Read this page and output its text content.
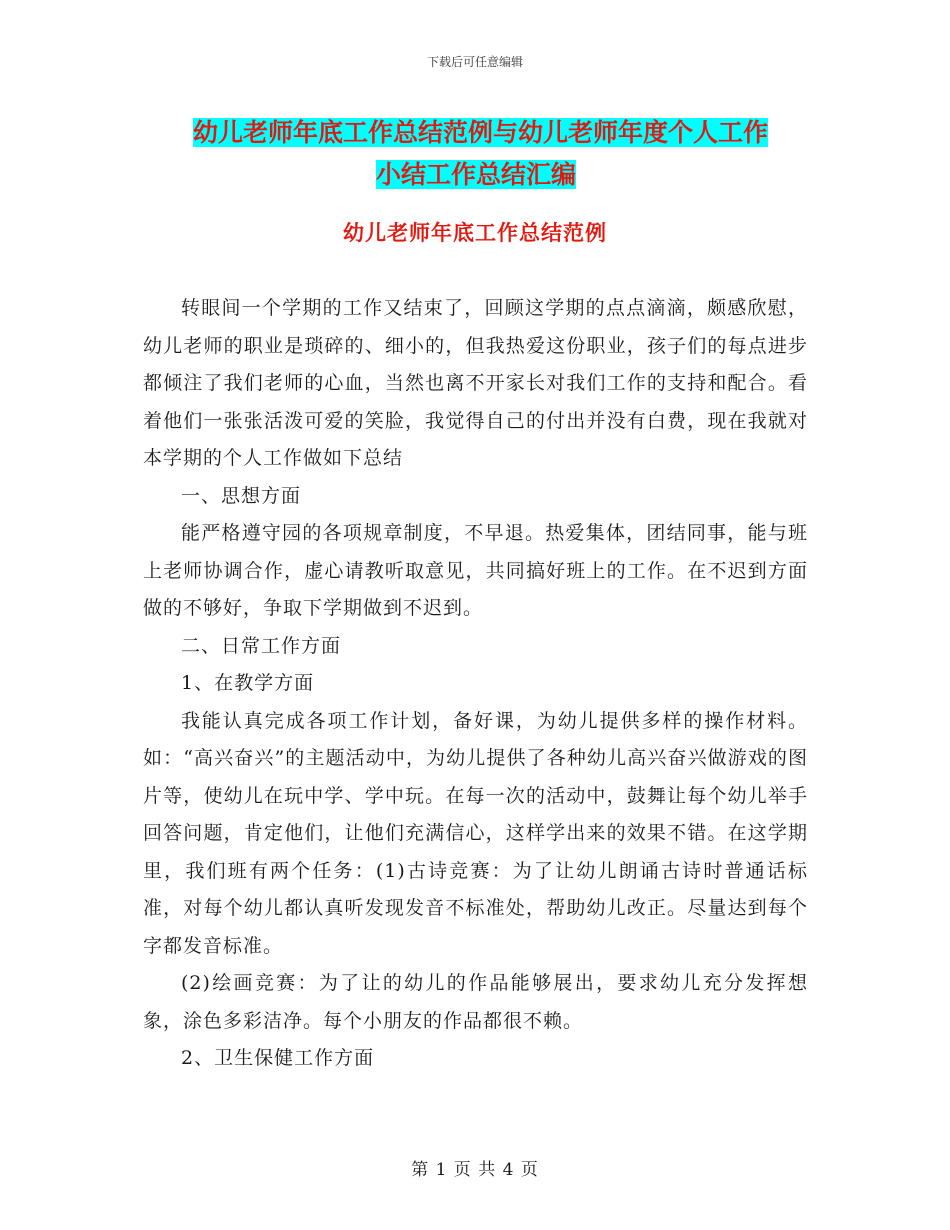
下载后可任意编辑
幼儿老师年底工作总结范例与幼儿老师年度个人工作
小结工作总结汇编
幼儿老师年底工作总结范例

转眼间一个学期的工作又结束了，回顾这学期的点点滴滴，颇感欣慰，幼儿老师的职业是琐碎的、细小的，但我热爱这份职业，孩子们的每点进步都倾注了我们老师的心血，当然也离不开家长对我们工作的支持和配合。看着他们一张张活泼可爱的笑脸，我觉得自己的付出并没有白费，现在我就对本学期的个人工作做如下总结

一、思想方面

能严格遵守园的各项规章制度，不早退。热爱集体，团结同事，能与班上老师协调合作，虚心请教听取意见，共同搞好班上的工作。在不迟到方面做的不够好，争取下学期做到不迟到。

二、日常工作方面

1、在教学方面

我能认真完成各项工作计划，备好课，为幼儿提供多样的操作材料。如：“高兴奋兴”的主题活动中，为幼儿提供了各种幼儿高兴奋兴做游戏的图片等，使幼儿在玩中学、学中玩。在每一次的活动中，鼓舞让每个幼儿举手回答问题，肯定他们，让他们充满信心，这样学出来的效果不错。在这学期里，我们班有两个任务：(1)古诗竞赛：为了让幼儿朗诵古诗时普通话标准，对每个幼儿都认真听发现发音不标准处，帮助幼儿改正。尽量达到每个字都发音标准。

(2)绘画竞赛：为了让的幼儿的作品能够展出，要求幼儿充分发挥想象，涂色多彩洁净。每个小朋友的作品都很不赖。

2、卫生保健工作方面

第 1 页 共 4 页
